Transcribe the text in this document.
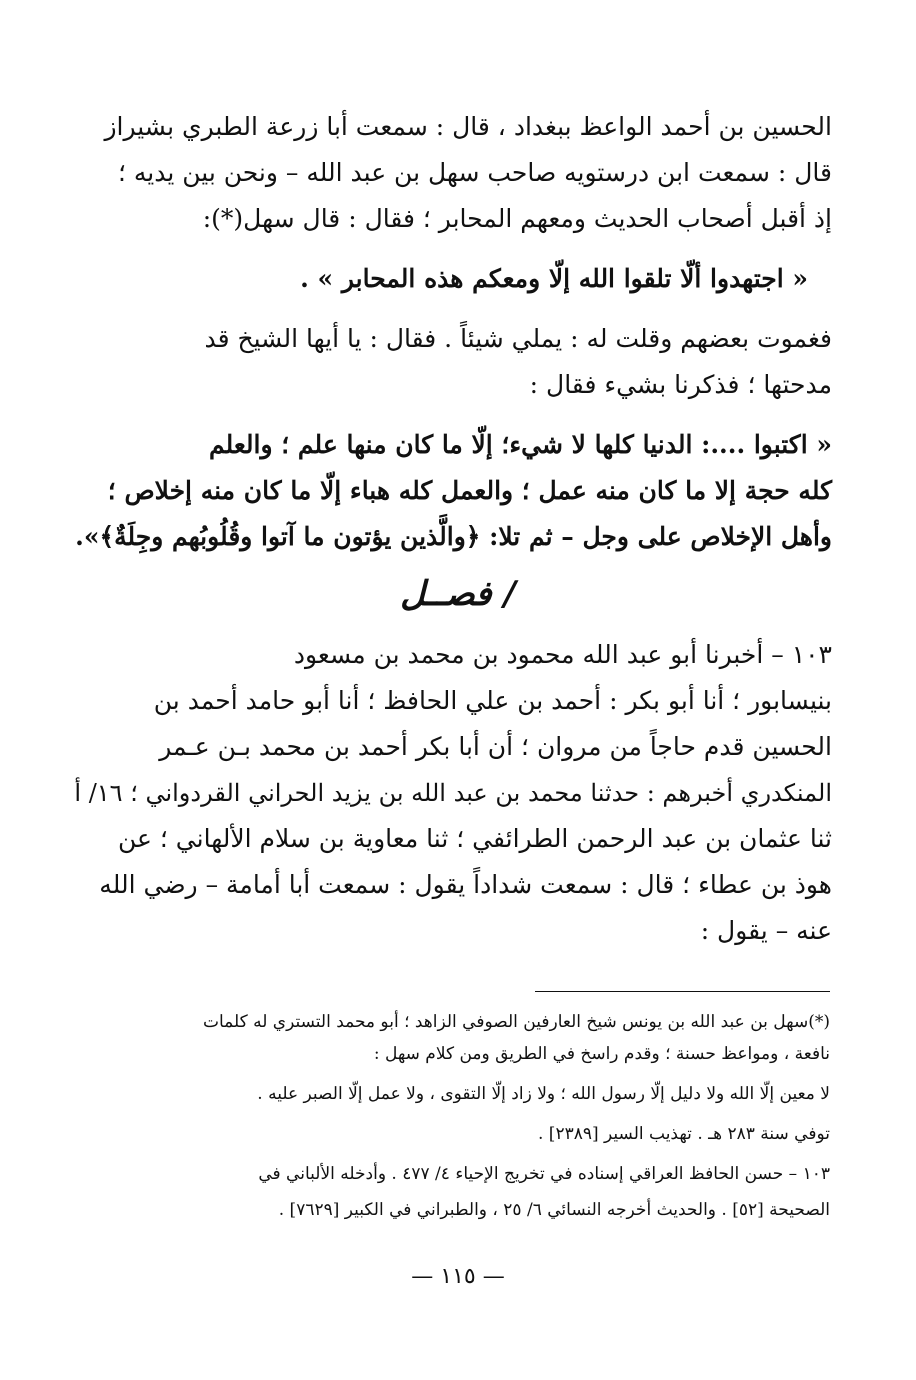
الحسين بن أحمد الواعظ ببغداد ، قال : سمعت أبا زرعة الطبري بشيراز
قال : سمعت ابن درستويه صاحب سهل بن عبد الله – ونحن بين يديه ؛
إذ أقبل أصحاب الحديث ومعهم المحابر ؛ فقال : قال سهل(*):
« اجتهدوا ألّا تلقوا الله إلّا ومعكم هذه المحابر » .
فغموت بعضهم وقلت له : يملي شيئاً . فقال : يا أيها الشيخ قد
مدحتها ؛ فذكرنا بشيء فقال :
« اكتبوا ....: الدنيا كلها لا شيء؛ إلّا ما كان منها علم ؛ والعلم
كله حجة إلا ما كان منه عمل ؛ والعمل كله هباء إلّا ما كان منه إخلاص ؛
وأهل الإخلاص على وجل – ثم تلا: ﴿والَّذين يؤتون ما آتوا وقُلُوبُهم وجِلَةٌ﴾».
فصــل /
١٠٣ – أخبرنا أبو عبد الله محمود بن محمد بن مسعود
بنيسابور ؛ أنا أبو بكر : أحمد بن علي الحافظ ؛ أنا أبو حامد أحمد بن
الحسين قدم حاجاً من مروان ؛ أن أبا بكر أحمد بن محمد بـن عـمر
المنكدري أخبرهم : حدثنا محمد بن عبد الله بن يزيد الحراني القردواني ؛ ١٦/ أ
ثنا عثمان بن عبد الرحمن الطرائفي ؛ ثنا معاوية بن سلام الألهاني ؛ عن
هوذ بن عطاء ؛ قال : سمعت شداداً يقول : سمعت أبا أمامة – رضي الله
عنه – يقول :
(*)سهل بن عبد الله بن يونس شيخ العارفين الصوفي الزاهد ؛ أبو محمد التستري له كلمات
نافعة ، ومواعظ حسنة ؛ وقدم راسخ في الطريق ومن كلام سهل :
لا معين إلّا الله ولا دليل إلّا رسول الله ؛ ولا زاد إلّا التقوى ، ولا عمل إلّا الصبر عليه .
توفي سنة ٢٨٣ هـ . تهذيب السير [٢٣٨٩] .
١٠٣ – حسن الحافظ العراقي إسناده في تخريج الإحياء ٤/ ٤٧٧ . وأدخله الألباني في
الصحيحة [٥٢] . والحديث أخرجه النسائي ٦/ ٢٥ ، والطبراني في الكبير [٧٦٢٩] .
— ١١٥ —
